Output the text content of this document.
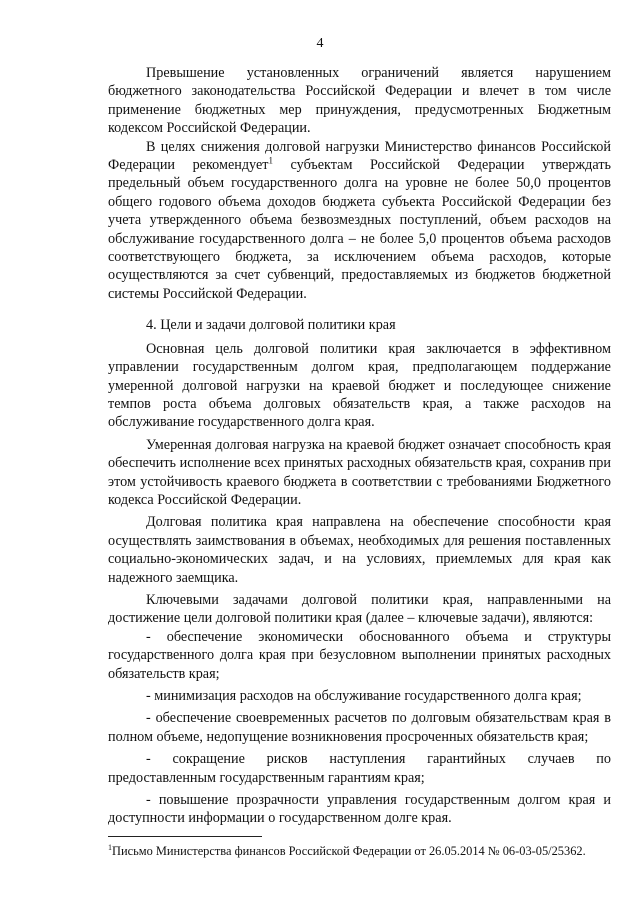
4

Превышение установленных ограничений является нарушением бюджетного законодательства Российской Федерации и влечет в том числе применение бюджетных мер принуждения, предусмотренных Бюджетным кодексом Российской Федерации.

В целях снижения долговой нагрузки Министерство финансов Российской Федерации рекомендует$^1$ субъектам Российской Федерации утверждать предельный объем государственного долга на уровне не более 50,0 процентов общего годового объема доходов бюджета субъекта Российской Федерации без учета утвержденного объема безвозмездных поступлений, объем расходов на обслуживание государственного долга – не более 5,0 процентов объема расходов соответствующего бюджета, за исключением объема расходов, которые осуществляются за счет субвенций, предоставляемых из бюджетов бюджетной системы Российской Федерации.

4. Цели и задачи долговой политики края

Основная цель долговой политики края заключается в эффективном управлении государственным долгом края, предполагающем поддержание умеренной долговой нагрузки на краевой бюджет и последующее снижение темпов роста объема долговых обязательств края, а также расходов на обслуживание государственного долга края.

Умеренная долговая нагрузка на краевой бюджет означает способность края обеспечить исполнение всех принятых расходных обязательств края, сохранив при этом устойчивость краевого бюджета в соответствии с требованиями Бюджетного кодекса Российской Федерации.

Долговая политика края направлена на обеспечение способности края осуществлять заимствования в объемах, необходимых для решения поставленных социально-экономических задач, и на условиях, приемлемых для края как надежного заемщика.

Ключевыми задачами долговой политики края, направленными на достижение цели долговой политики края (далее – ключевые задачи), являются:

- обеспечение экономически обоснованного объема и структуры государственного долга края при безусловном выполнении принятых расходных обязательств края;

- минимизация расходов на обслуживание государственного долга края;

- обеспечение своевременных расчетов по долговым обязательствам края в полном объеме, недопущение возникновения просроченных обязательств края;

- сокращение рисков наступления гарантийных случаев по предоставленным государственным гарантиям края;

- повышение прозрачности управления государственным долгом края и доступности информации о государственном долге края.

$^1$Письмо Министерства финансов Российской Федерации от 26.05.2014 № 06-03-05/25362.
